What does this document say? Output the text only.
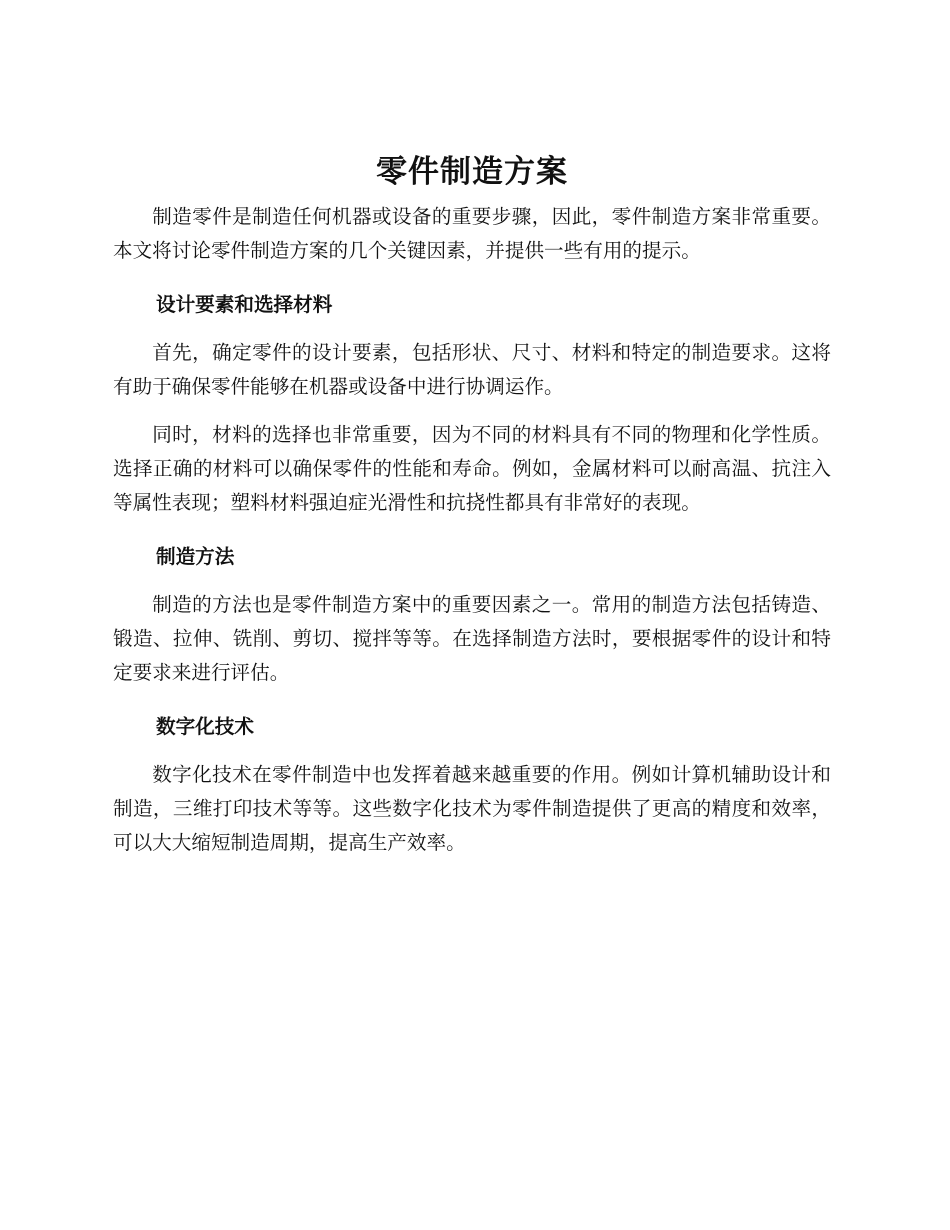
零件制造方案

制造零件是制造任何机器或设备的重要步骤，因此，零件制造方案非常重要。本文将讨论零件制造方案的几个关键因素，并提供一些有用的提示。

设计要素和选择材料

首先，确定零件的设计要素，包括形状、尺寸、材料和特定的制造要求。这将有助于确保零件能够在机器或设备中进行协调运作。

同时，材料的选择也非常重要，因为不同的材料具有不同的物理和化学性质。选择正确的材料可以确保零件的性能和寿命。例如，金属材料可以耐高温、抗注入等属性表现；塑料材料强迫症光滑性和抗挠性都具有非常好的表现。

制造方法

制造的方法也是零件制造方案中的重要因素之一。常用的制造方法包括铸造、锻造、拉伸、铣削、剪切、搅拌等等。在选择制造方法时，要根据零件的设计和特定要求来进行评估。

数字化技术

数字化技术在零件制造中也发挥着越来越重要的作用。例如计算机辅助设计和制造，三维打印技术等等。这些数字化技术为零件制造提供了更高的精度和效率，可以大大缩短制造周期，提高生产效率。
